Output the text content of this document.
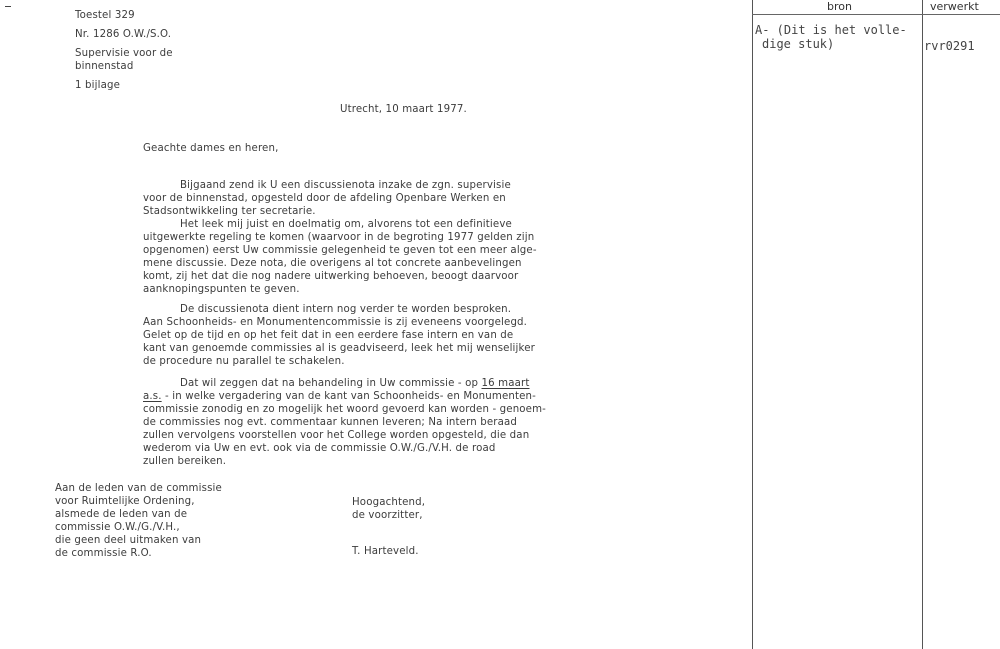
Toestel 329
Nr. 1286 O.W./S.O.
Supervisie voor de
binnenstad
1 bijlage
Utrecht, 10 maart 1977.
Geachte dames en heren,
Bijgaand zend ik U een discussienota inzake de zgn. supervisie
voor de binnenstad, opgesteld door de afdeling Openbare Werken en
Stadsontwikkeling ter secretarie.
Het leek mij juist en doelmatig om, alvorens tot een definitieve
uitgewerkte regeling te komen (waarvoor in de begroting 1977 gelden zijn
opgenomen) eerst Uw commissie gelegenheid te geven tot een meer alge-
mene discussie. Deze nota, die overigens al tot concrete aanbevelingen
komt, zij het dat die nog nadere uitwerking behoeven, beoogt daarvoor
aanknopingspunten te geven.
De discussienota dient intern nog verder te worden besproken.
Aan Schoonheids- en Monumentencommissie is zij eveneens voorgelegd.
Gelet op de tijd en op het feit dat in een eerdere fase intern en van de
kant van genoemde commissies al is geadviseerd, leek het mij wenselijker
de procedure nu parallel te schakelen.
Dat wil zeggen dat na behandeling in Uw commissie - op 16 maart
a.s. - in welke vergadering van de kant van Schoonheids- en Monumenten-
commissie zonodig en zo mogelijk het woord gevoerd kan worden - genoem-
de commissies nog evt. commentaar kunnen leveren; Na intern beraad
zullen vervolgens voorstellen voor het College worden opgesteld, die dan
wederom via Uw en evt. ook via de commissie O.W./G./V.H. de road
zullen bereiken.
Aan de leden van de commissie
voor Ruimtelijke Ordening,
alsmede de leden van de
commissie O.W./G./V.H.,
die geen deel uitmaken van
de commissie R.O.
Hoogachtend,
de voorzitter,
T. Harteveld.
bron	verwerkt
A- (Dit is het volle-
dige stuk)	rvr0291
